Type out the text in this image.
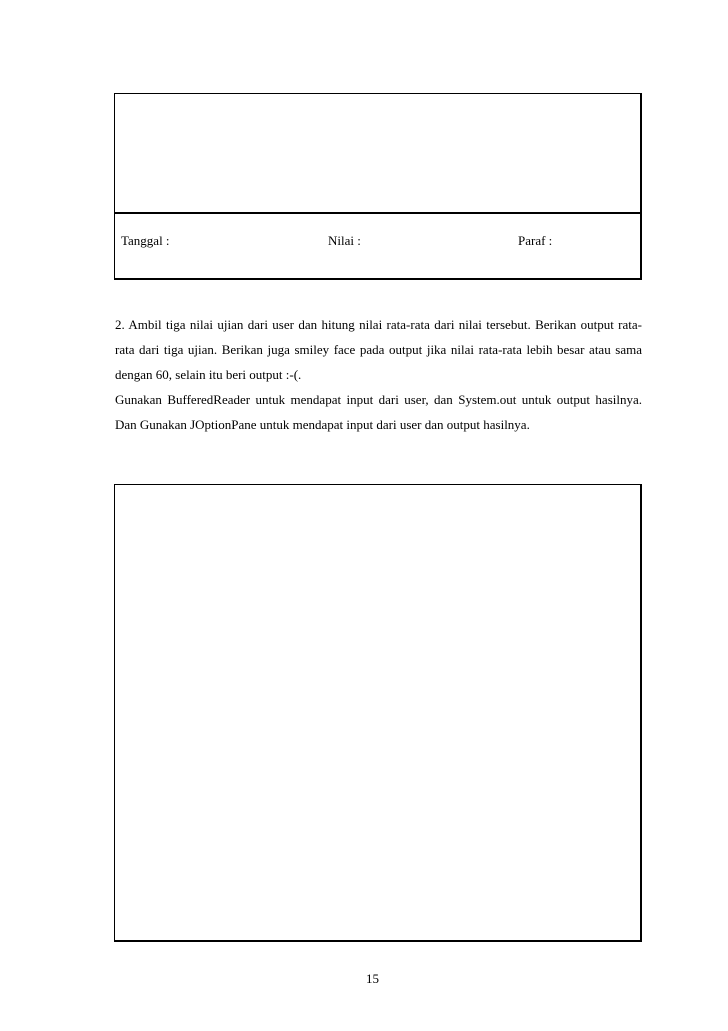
Tanggal :	Nilai :	Paraf :

2. Ambil tiga nilai ujian dari user dan hitung nilai rata-rata dari nilai tersebut. Berikan output rata-rata dari tiga ujian. Berikan juga smiley face pada output jika nilai rata-rata lebih besar atau sama dengan 60, selain itu beri output :-(.

Gunakan BufferedReader untuk mendapat input dari user, dan System.out untuk output hasilnya. Dan Gunakan JOptionPane untuk mendapat input dari user dan output hasilnya.

15
